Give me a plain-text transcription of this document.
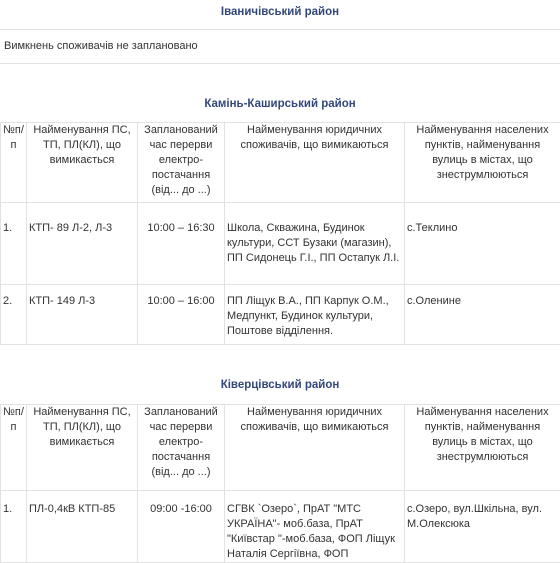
Іваничівський район
Вимкнень споживачів не заплановано
Камінь-Каширський район
№п/п	Найменування ПС, ТП, ПЛ(КЛ), що вимикається	Запланований час перерви електро-постачання (від... до ...)	Найменування юридичних споживачів, що вимикаються	Найменування населених пунктів, найменування вулиць в містах, що знеструмлюються
1.	КТП- 89 Л-2, Л-3	10:00 – 16:30	Школа, Скважина, Будинок культури, ССТ Бузаки (магазин), ПП Сидонець Г.І., ПП Остапук Л.І.	с.Теклино
2.	КТП- 149 Л-3	10:00 – 16:00	ПП Ліщук В.А., ПП Карпук О.М., Медпункт, Будинок культури, Поштове відділення.	с.Оленине
Ківерцівський район
№п/п	Найменування ПС, ТП, ПЛ(КЛ), що вимикається	Запланований час перерви електро-постачання (від... до ...)	Найменування юридичних споживачів, що вимикаються	Найменування населених пунктів, найменування вулиць в містах, що знеструмлюються
1.	ПЛ-0,4кВ КТП-85	09:00 -16:00	СГВК `Озеро`, ПрАТ "МТС УКРАЇНА"- моб.база, ПрАТ "Київстар "-моб.база, ФОП Ліщук Наталія Сергіївна, ФОП	с.Озеро, вул.Шкільна, вул. М.Олексюка
